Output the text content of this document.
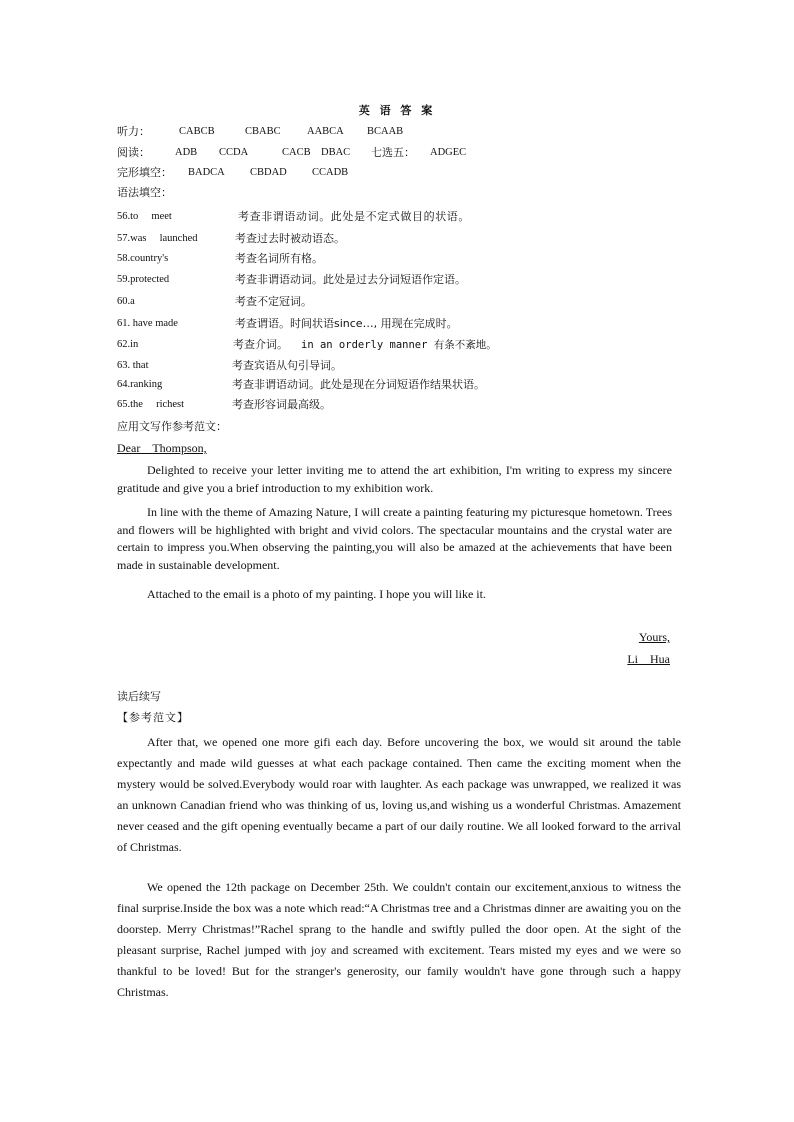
英 语 答 案
听力：	CABCB	CBABC	AABCA BCAAB
阅读： ADB CCDA	CACB DBAC 七选五： ADGEC
完形填空： BADCA CBDAD CCADB
语法填空：
56.to　 meet	考查非谓语动词。此处是不定式做目的状语。
57.was　 launched	考查过去时被动语态。
58.country's	考查名词所有格。
59.protected	考查非谓语动词。此处是过去分词短语作定语。
60.a	考查不定冠词。
61. have made	考查谓语。时间状语since…, 用现在完成时。
62.in	考查介词。 in an orderly manner 有条不紊地。
63. that	考查宾语从句引导词。
64.ranking	考查非谓语动词。此处是现在分词短语作结果状语。
65.the　 richest	考查形容词最高级。
应用文写作参考范文：
Dear　Thompson,

Delighted to receive your letter inviting me to attend the art exhibition, I'm writing to express my sincere gratitude and give you a brief introduction to my exhibition work.

In line with the theme of Amazing Nature, I will create a painting featuring my picturesque hometown. Trees and flowers will be highlighted with bright and vivid colors. The spectacular mountains and the crystal water are certain to impress you.When observing the painting,you will also be amazed at the achievements that have been made in sustainable development.

Attached to the email is a photo of my painting. I hope you will like it.

Yours,
Li　Hua
读后续写
【参考范文】

After that, we opened one more gifi each day. Before uncovering the box, we would sit around the table expectantly and made wild guesses at what each package contained. Then came the exciting moment when the mystery would be solved.Everybody would roar with laughter. As each package was unwrapped, we realized it was an unknown Canadian friend who was thinking of us, loving us,and wishing us a wonderful Christmas. Amazement never ceased and the gift opening eventually became a part of our daily routine. We all looked forward to the arrival of Christmas.

We opened the 12th package on December 25th. We couldn't contain our excitement,anxious to witness the final surprise.Inside the box was a note which read:“A Christmas tree and a Christmas dinner are awaiting you on the doorstep. Merry Christmas!”Rachel sprang to the handle and swiftly pulled the door open. At the sight of the pleasant surprise, Rachel jumped with joy and screamed with excitement. Tears misted my eyes and we were so thankful to be loved! But for the stranger's generosity, our family wouldn't have gone through such a happy Christmas.
